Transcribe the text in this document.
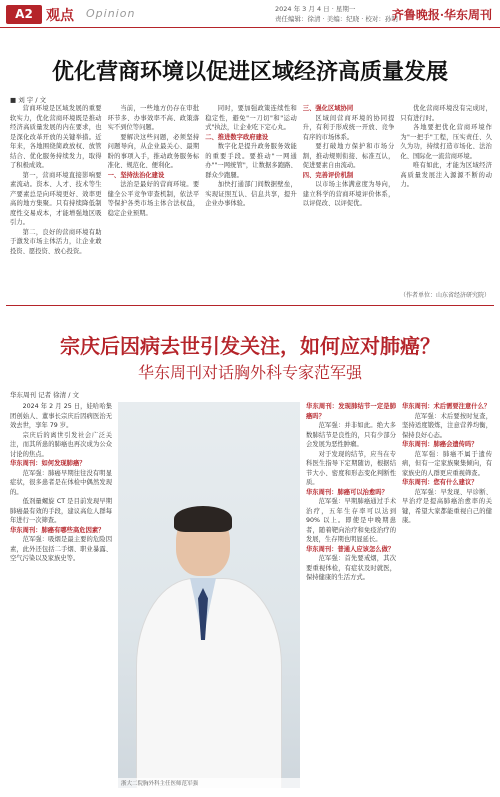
A2 观点 Opinion	2024 年 3 月 4 日 · 星期一
责任编辑：徐清 · 美编：纪晓 · 校对：孙明
齐鲁晚报·华东周刊
优化营商环境以促进区域经济高质量发展
■ 刘 宇 / 文

营商环境是区域发展的重要软实力，优化营商环境既是推动经济高质量发展的内在要求，也是深化改革开放的关键举措。近年来，各地围绕简政放权、放管结合、优化服务持续发力，取得了积极成效。

第一，营商环境直接影响要素流动。资本、人才、技术等生产要素总是向环境更好、效率更高的地方集聚。只有持续降低制度性交易成本，才能增强地区吸引力。

第二，良好的营商环境有助于激发市场主体活力，让企业敢投资、愿投资、放心投资。

当前，一些地方仍存在审批环节多、办事效率不高、政策落实不到位等问题。

要解决这些问题，必须坚持问题导向，从企业最关心、最期盼的事项入手，推动政务服务标准化、规范化、便利化。

一、坚持法治化建设

法治是最好的营商环境。要健全公平竞争审查机制，依法平等保护各类市场主体合法权益，稳定企业预期。

同时，要加强政策连续性和稳定性，避免"一刀切"和"运动式"执法，让企业吃下定心丸。

二、推进数字政府建设

数字化是提升政务服务效能的重要手段。要推动"一网通办""一网统管"，让数据多跑路、群众少跑腿。

加快打通部门间数据壁垒，实现证照互认、信息共享，提升企业办事体验。

三、强化区域协同

区域间营商环境的协同提升，有利于形成统一开放、竞争有序的市场体系。

要打破地方保护和市场分割，推动规则衔接、标准互认，促进要素自由流动。

四、完善评价机制

以市场主体满意度为导向，建立科学的营商环境评价体系，以评促改、以评促优。

优化营商环境没有完成时，只有进行时。

各地要把优化营商环境作为"一把手"工程，压实责任、久久为功，持续打造市场化、法治化、国际化一流营商环境。

唯有如此，才能为区域经济高质量发展注入源源不断的动力。

（作者单位：山东省经济研究院）
宗庆后因病去世引发关注，如何应对肺癌？
华东周刊对话胸外科专家范军强
华东周刊 记者 徐清 / 文

2024 年 2 月 25 日，娃哈哈集团创始人、董事长宗庆后因病医治无效去世，享年 79 岁。

宗庆后的离世引发社会广泛关注，而其所患的肺癌也再次成为公众讨论的焦点。

华东周刊：如何发现肺癌？

范军强：肺癌早期往往没有明显症状，很多患者是在体检中偶然发现的。

低剂量螺旋 CT 是目前发现早期肺癌最有效的手段，建议高危人群每年进行一次筛查。

华东周刊：肺癌有哪些高危因素？

范军强：吸烟是最主要的危险因素，此外还包括二手烟、职业暴露、空气污染以及家族史等。

浙大二院胸外科主任医师范军强

华东周刊：发现肺结节一定是肺癌吗？

范军强：并非如此。绝大多数肺结节是良性的，只有少部分会发展为恶性肿瘤。

对于发现的结节，应当在专科医生指导下定期随访，根据结节大小、密度和形态变化判断性质。

华东周刊：肺癌可以治愈吗？

范军强：早期肺癌通过手术治疗，五年生存率可以达到 90% 以上。即使是中晚期患者，随着靶向治疗和免疫治疗的发展，生存期也明显延长。

华东周刊：普通人应该怎么做？

范军强：首先要戒烟，其次要重视体检，有症状及时就医，保持健康的生活方式。

华东周刊：术后需要注意什么？

范军强：术后要按时复查，坚持适度锻炼，注意营养均衡，保持良好心态。

华东周刊：肺癌会遗传吗？

范军强：肺癌不属于遗传病，但有一定家族聚集倾向，有家族史的人群更应重视筛查。

华东周刊：您有什么建议？

范军强：早发现、早诊断、早治疗是提高肺癌治愈率的关键，希望大家都能重视自己的健康。
